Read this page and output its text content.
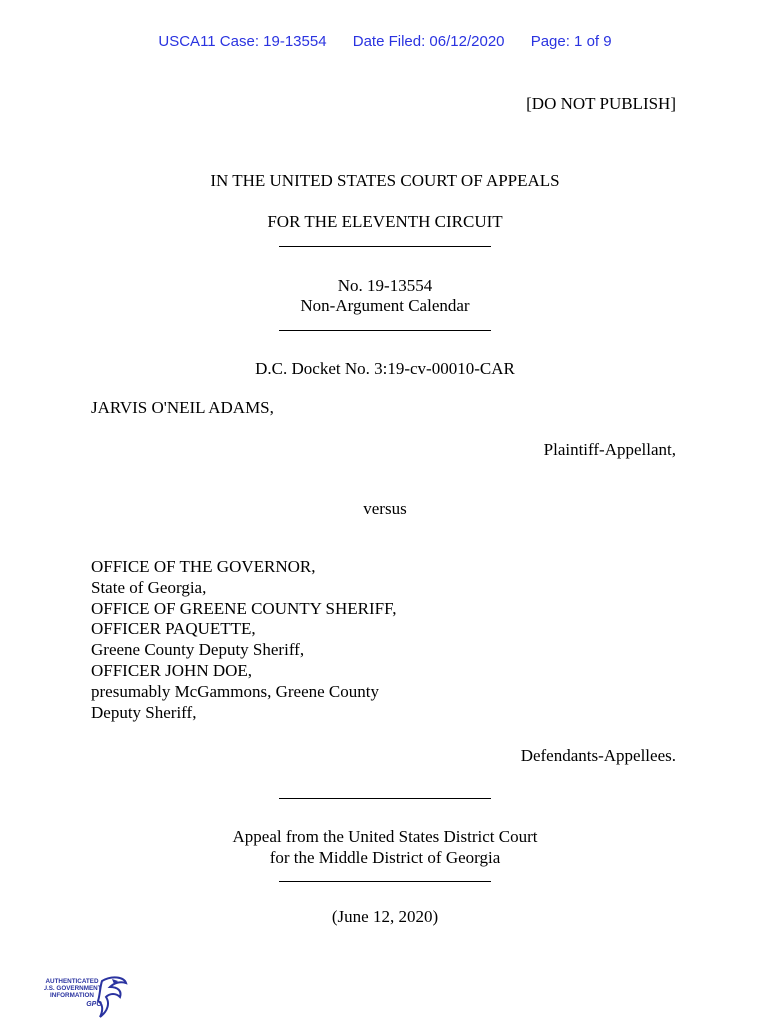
USCA11 Case: 19-13554 Date Filed: 06/12/2020 Page: 1 of 9
[DO NOT PUBLISH]
IN THE UNITED STATES COURT OF APPEALS
FOR THE ELEVENTH CIRCUIT
No. 19-13554
Non-Argument Calendar
D.C. Docket No. 3:19-cv-00010-CAR
JARVIS O'NEIL ADAMS,
Plaintiff-Appellant,
versus
OFFICE OF THE GOVERNOR,
State of Georgia,
OFFICE OF GREENE COUNTY SHERIFF,
OFFICER PAQUETTE,
Greene County Deputy Sheriff,
OFFICER JOHN DOE,
presumably McGammons, Greene County
Deputy Sheriff,
Defendants-Appellees.
Appeal from the United States District Court
for the Middle District of Georgia
(June 12, 2020)
AUTHENTICATED
U.S. GOVERNMENT
INFORMATION
GPO
